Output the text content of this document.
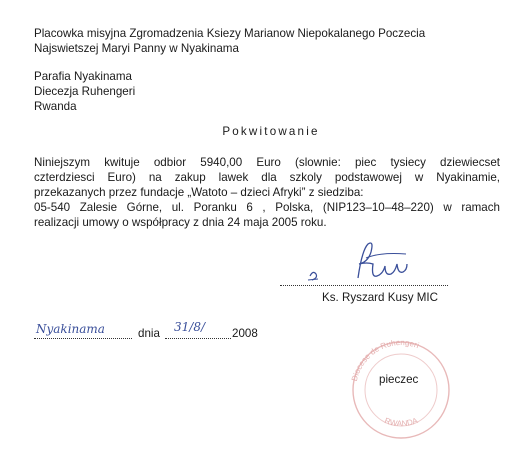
Placowka misyjna Zgromadzenia Ksiezy Marianow Niepokalanego Poczecia
Najswietszej Maryi Panny w Nyakinama
Parafia Nyakinama
Diecezja Ruhengeri
Rwanda
Pokwitowanie
Niniejszym kwituje odbior 5940,00 Euro (slownie: piec tysiecy dziewiecset
czterdziesci Euro) na zakup lawek dla szkoly podstawowej w Nyakinamie,
przekazanych przez fundacje „Watoto – dzieci Afryki” z siedziba:
05-540 Zalesie Górne, ul. Poranku 6 , Polska, (NIP123–10–48–220) w ramach
realizacji umowy o współpracy z dnia 24 maja 2005 roku.
Ks. Ryszard Kusy MIC
Nyakinama	dnia 31/8/ 2008
Diocese de Ruhengeri
RWANDA
pieczec
